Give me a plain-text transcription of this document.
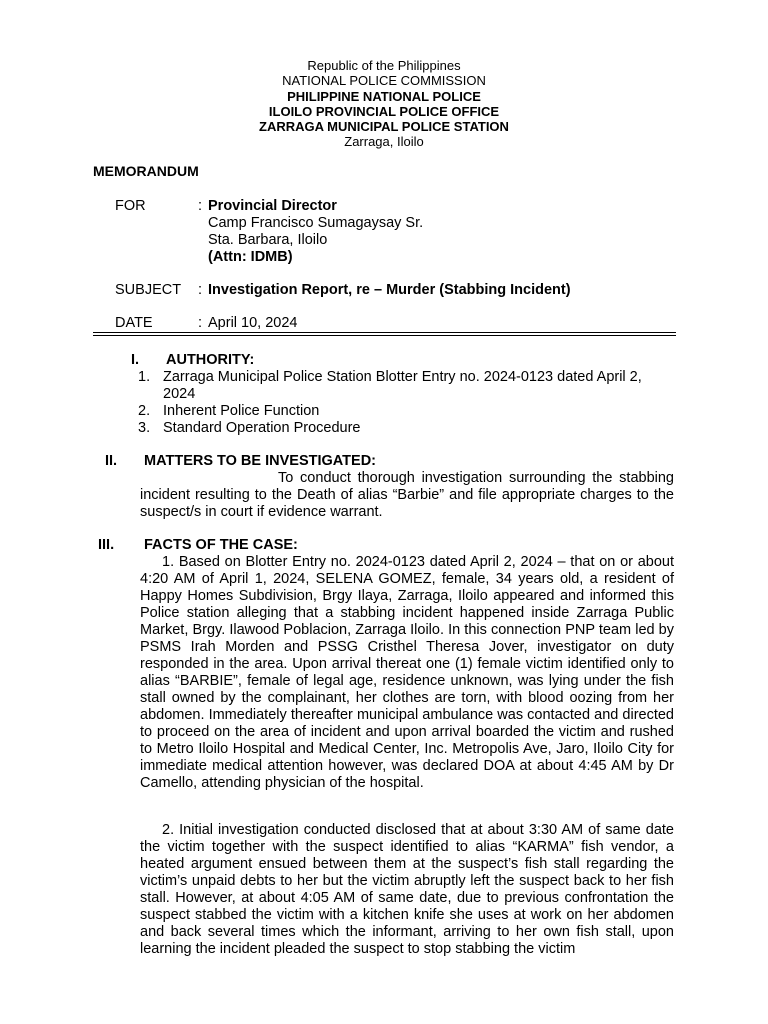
Republic of the Philippines
NATIONAL POLICE COMMISSION
PHILIPPINE NATIONAL POLICE
ILOILO PROVINCIAL POLICE OFFICE
ZARRAGA MUNICIPAL POLICE STATION
Zarraga, Iloilo
MEMORANDUM
FOR	: Provincial Director
Camp Francisco Sumagaysay Sr.
Sta. Barbara, Iloilo
(Attn: IDMB)
SUBJECT : Investigation Report, re – Murder (Stabbing Incident)
DATE	: April 10, 2024
I. AUTHORITY:
1. Zarraga Municipal Police Station Blotter Entry no. 2024-0123 dated April 2, 2024
2. Inherent Police Function
3. Standard Operation Procedure
II. MATTERS TO BE INVESTIGATED:
To conduct thorough investigation surrounding the stabbing incident resulting to the Death of alias “Barbie” and file appropriate charges to the suspect/s in court if evidence warrant.
III. FACTS OF THE CASE:
1. Based on Blotter Entry no. 2024-0123 dated April 2, 2024 – that on or about 4:20 AM of April 1, 2024, SELENA GOMEZ, female, 34 years old, a resident of Happy Homes Subdivision, Brgy Ilaya, Zarraga, Iloilo appeared and informed this Police station alleging that a stabbing incident happened inside Zarraga Public Market, Brgy. Ilawood Poblacion, Zarraga Iloilo. In this connection PNP team led by PSMS Irah Morden and PSSG Cristhel Theresa Jover, investigator on duty responded in the area. Upon arrival thereat one (1) female victim identified only to alias “BARBIE”, female of legal age, residence unknown, was lying under the fish stall owned by the complainant, her clothes are torn, with blood oozing from her abdomen. Immediately thereafter municipal ambulance was contacted and directed to proceed on the area of incident and upon arrival boarded the victim and rushed to Metro Iloilo Hospital and Medical Center, Inc. Metropolis Ave, Jaro, Iloilo City for immediate medical attention however, was declared DOA at about 4:45 AM by Dr Camello, attending physician of the hospital.
2. Initial investigation conducted disclosed that at about 3:30 AM of same date the victim together with the suspect identified to alias “KARMA” fish vendor, a heated argument ensued between them at the suspect’s fish stall regarding the victim’s unpaid debts to her but the victim abruptly left the suspect back to her fish stall. However, at about 4:05 AM of same date, due to previous confrontation the suspect stabbed the victim with a kitchen knife she uses at work on her abdomen and back several times which the informant, arriving to her own fish stall, upon learning the incident pleaded the suspect to stop stabbing the victim
